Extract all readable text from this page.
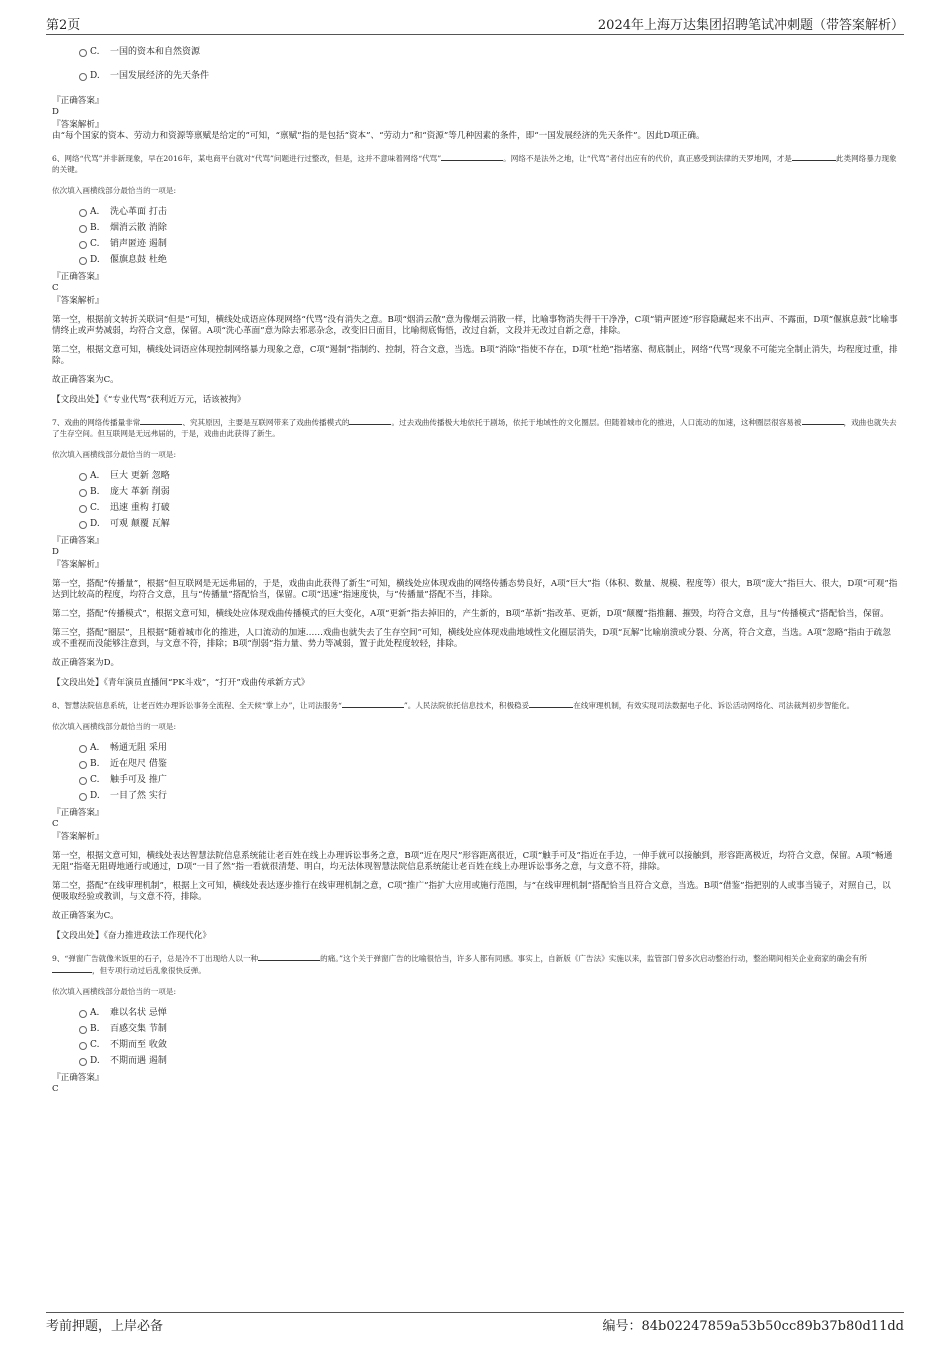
第2页	2024年上海万达集团招聘笔试冲刺题（带答案解析）
C. 一国的资本和自然资源
D. 一国发展经济的先天条件

『正确答案』

D

『答案解析』

由“每个国家的资本、劳动力和资源等禀赋是给定的”可知，“禀赋”指的是包括“资本”、“劳动力”和“资源”等几种因素的条件，即“一国发展经济的先天条件”。因此D项正确。

6、网络“代骂”并非新现象，早在2016年，某电商平台就对“代骂”问题进行过整改，但是，这并不意味着网络“代骂”	。网络不是法外之地，让“代骂”者付出应有的代价，真正感受到法律的天罗地网，才是	此类网络暴力现象的关键。

依次填入画横线部分最恰当的一项是:

A. 洗心革面 打击
B. 烟消云散 消除
C. 销声匿迹 遏制
D. 偃旗息鼓 杜绝

『正确答案』

C

『答案解析』

第一空，根据前文转折关联词“但是”可知，横线处成语应体现网络“代骂”没有消失之意。B项“烟消云散”意为像烟云消散一样，比喻事物消失得干干净净，C项“销声匿迹”形容隐藏起来不出声、不露面，D项“偃旗息鼓”比喻事情终止或声势减弱，均符合文意，保留。A项“洗心革面”意为除去邪恶杂念，改变旧日面目，比喻彻底悔悟，改过自新，文段并无改过自新之意，排除。

第二空，根据文意可知，横线处词语应体现控制网络暴力现象之意，C项“遏制”指制约、控制，符合文意，当选。B项“消除”指使不存在，D项“杜绝”指堵塞、彻底制止，网络“代骂”现象不可能完全制止消失，均程度过重，排除。

故正确答案为C。

【文段出处】《“专业代骂”获利近万元，话该被拘》

7、戏曲的网络传播量非常	、究其原因，主要是互联网带来了戏曲传播模式的	。过去戏曲传播极大地依托于剧场，依托于地域性的文化圈层。但随着城市化的推进，人口流动的加速，这种圈层很容易被	，戏曲也就失去了生存空间。但互联网是无远弗届的，于是，戏曲由此获得了新生。

依次填入画横线部分最恰当的一项是:

A. 巨大 更新 忽略
B. 庞大 革新 削弱
C. 迅速 重构 打破
D. 可观 颠覆 瓦解

『正确答案』

D

『答案解析』

第一空，搭配“传播量”，根据“但互联网是无远弗届的，于是，戏曲由此获得了新生”可知，横线处应体现戏曲的网络传播态势良好，A项“巨大”指（体积、数量、规模、程度等）很大，B项“庞大”指巨大、很大，D项“可观”指达到比较高的程度，均符合文意，且与“传播量”搭配恰当，保留。C项“迅速”指速度快，与“传播量”搭配不当，排除。

第二空，搭配“传播模式”，根据文意可知，横线处应体现戏曲传播模式的巨大变化，A项“更新”指去掉旧的，产生新的，B项“革新”指改革、更新，D项“颠覆”指推翻、摧毁，均符合文意，且与“传播模式”搭配恰当，保留。

第三空，搭配“圈层”，且根据“随着城市化的推进，人口流动的加速……戏曲也就失去了生存空间”可知，横线处应体现戏曲地域性文化圈层消失，D项“瓦解”比喻崩溃或分裂、分离，符合文意，当选。A项“忽略”指由于疏忽或不重视而没能够注意到，与文意不符，排除；B项“削弱”指力量、势力等减弱，置于此处程度较轻，排除。

故正确答案为D。

【文段出处】《青年演员直播间“PK斗戏”，“打开”戏曲传承新方式》

8、智慧法院信息系统，让老百姓办理诉讼事务全流程、全天候“掌上办”，让司法服务“	”。人民法院依托信息技术，积极稳妥	在线审理机制，有效实现司法数据电子化、诉讼活动网络化、司法裁判初步智能化。

依次填入画横线部分最恰当的一项是:

A. 畅通无阻 采用
B. 近在咫尺 借鉴
C. 触手可及 推广
D. 一目了然 实行

『正确答案』

C

『答案解析』

第一空，根据文意可知，横线处表达智慧法院信息系统能让老百姓在线上办理诉讼事务之意，B项“近在咫尺”形容距离很近，C项“触手可及”指近在手边，一伸手就可以接触到，形容距离极近，均符合文意，保留。A项“畅通无阻”指毫无阻碍地通行或通过，D项“一目了然”指一看就很清楚、明白，均无法体现智慧法院信息系统能让老百姓在线上办理诉讼事务之意，与文意不符，排除。

第二空，搭配“在线审理机制”，根据上文可知，横线处表达逐步推行在线审理机制之意，C项“推广”指扩大应用或施行范围，与“在线审理机制”搭配恰当且符合文意，当选。B项“借鉴”指把别的人或事当镜子，对照自己，以便吸取经验或教训，与文意不符，排除。

故正确答案为C。

【文段出处】《奋力推进政法工作现代化》

9、“弹窗广告就像米饭里的石子，总是冷不丁出现给人以一种	的痛。”这个关于弹窗广告的比喻很恰当，许多人都有同感。事实上，自新版《广告法》实施以来，监管部门曾多次启动整治行动，整治期间相关企业商家的确会有所，但专项行动过后乱象很快反弹。

依次填入画横线部分最恰当的一项是:

A. 难以名状 忌惮
B. 百感交集 节制
C. 不期而至 收敛
D. 不期而遇 遏制

『正确答案』

C

考前押题，上岸必备	编号：84b02247859a53b50cc89b37b80d11dd
